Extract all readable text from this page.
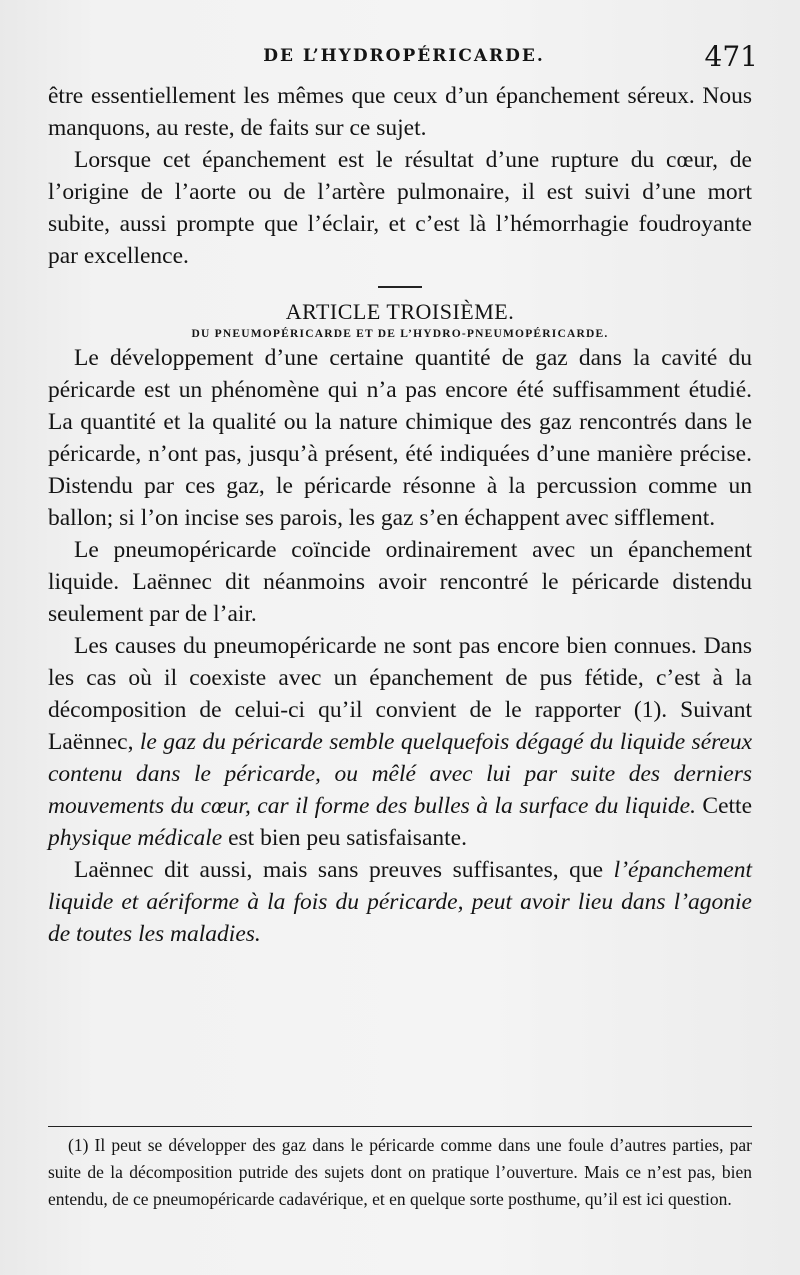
DE L’HYDROPÉRICARDE.	471

être essentiellement les mêmes que ceux d’un épanchement séreux. Nous manquons, au reste, de faits sur ce sujet.

Lorsque cet épanchement est le résultat d’une rupture du cœur, de l’origine de l’aorte ou de l’artère pulmonaire, il est suivi d’une mort subite, aussi prompte que l’éclair, et c’est là l’hémorrhagie foudroyante par excellence.

ARTICLE TROISIÈME.

DU PNEUMOPÉRICARDE ET DE L’HYDRO-PNEUMOPÉRICARDE.

Le développement d’une certaine quantité de gaz dans la cavité du péricarde est un phénomène qui n’a pas encore été suffisamment étudié. La quantité et la qualité ou la nature chimique des gaz rencontrés dans le péricarde, n’ont pas, jusqu’à présent, été indiquées d’une manière précise. Distendu par ces gaz, le péricarde résonne à la percussion comme un ballon; si l’on incise ses parois, les gaz s’en échappent avec sifflement.

Le pneumopéricarde coïncide ordinairement avec un épanchement liquide. Laënnec dit néanmoins avoir rencontré le péricarde distendu seulement par de l’air.

Les causes du pneumopéricarde ne sont pas encore bien connues. Dans les cas où il coexiste avec un épanchement de pus fétide, c’est à la décomposition de celui-ci qu’il convient de le rapporter (1). Suivant Laënnec, le gaz du péricarde semble quelquefois dégagé du liquide séreux contenu dans le péricarde, ou mêlé avec lui par suite des derniers mouvements du cœur, car il forme des bulles à la surface du liquide. Cette physique médicale est bien peu satisfaisante.

Laënnec dit aussi, mais sans preuves suffisantes, que l’épanchement liquide et aériforme à la fois du péricarde, peut avoir lieu dans l’agonie de toutes les maladies.

(1) Il peut se développer des gaz dans le péricarde comme dans une foule d’autres parties, par suite de la décomposition putride des sujets dont on pratique l’ouverture. Mais ce n’est pas, bien entendu, de ce pneumopéricarde cadavérique, et en quelque sorte posthume, qu’il est ici question.
